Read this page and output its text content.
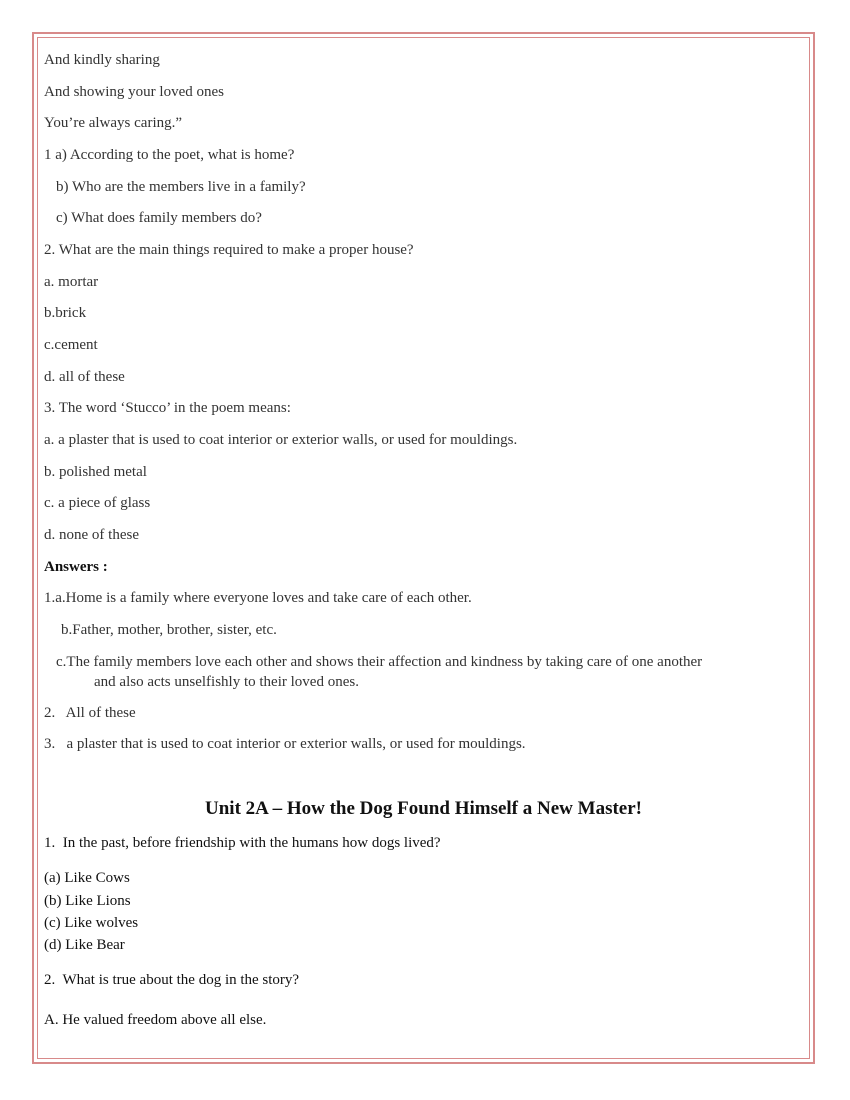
And kindly sharing
And showing your loved ones
You’re always caring.”
1 a) According to the poet, what is home?
b) Who are the members live in a family?
c) What does family members do?
2. What are the main things required to make a proper house?
a. mortar
b.brick
c.cement
d. all of these
3. The word ‘Stucco’ in the poem means:
a. a plaster that is used to coat interior or exterior walls, or used for mouldings.
b. polished metal
c. a piece of glass
d. none of these
Answers :
1.a.Home is a family where everyone loves and take care of each other.
b.Father, mother, brother, sister, etc.
c.The family members love each other and shows their affection and kindness by taking care of one another
and also acts unselfishly to their loved ones.
2.   All of these
3.   a plaster that is used to coat interior or exterior walls, or used for mouldings.
Unit 2A – How the Dog Found Himself a New Master!
1.  In the past, before friendship with the humans how dogs lived?
(a) Like Cows
(b) Like Lions
(c) Like wolves
(d) Like Bear
2.  What is true about the dog in the story?
A. He valued freedom above all else.
